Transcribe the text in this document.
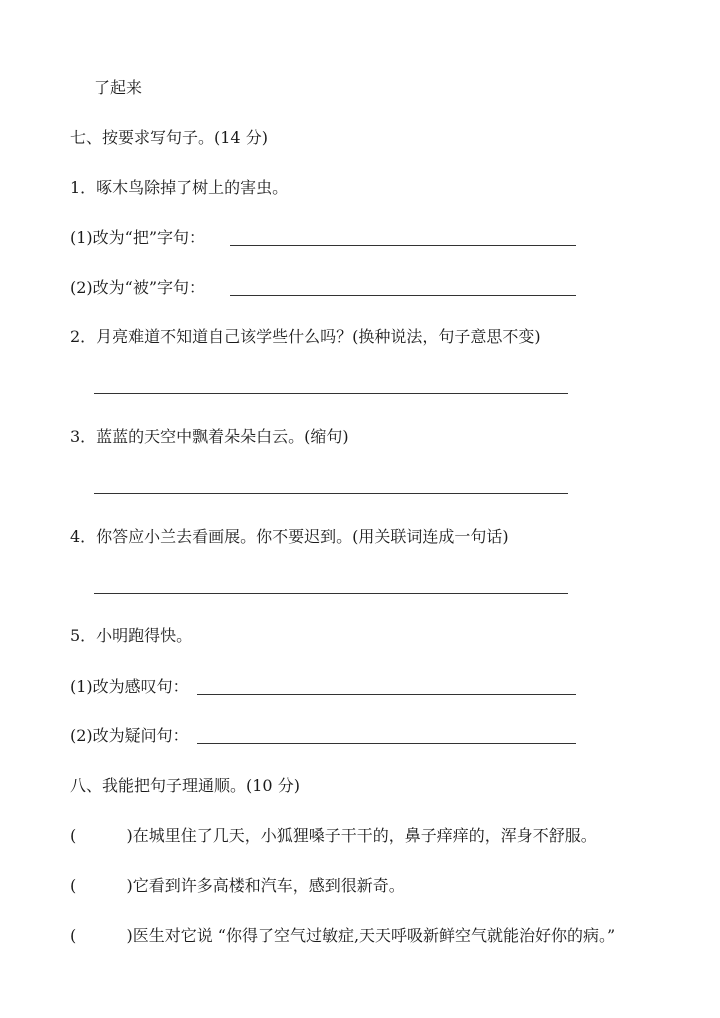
了起来
七、按要求写句子。(14 分)
1．啄木鸟除掉了树上的害虫。
(1)改为“把”字句：
(2)改为“被”字句：
2．月亮难道不知道自己该学些什么吗？(换种说法，句子意思不变)
3．蓝蓝的天空中飘着朵朵白云。(缩句)
4．你答应小兰去看画展。你不要迟到。(用关联词连成一句话)
5．小明跑得快。
(1)改为感叹句：
(2)改为疑问句：
八、我能把句子理通顺。(10 分)
(	)在城里住了几天，小狐狸嗓子干干的，鼻子痒痒的，浑身不舒服。
(	)它看到许多高楼和汽车，感到很新奇。
(	)医生对它说 “你得了空气过敏症,天天呼吸新鲜空气就能治好你的病。”
